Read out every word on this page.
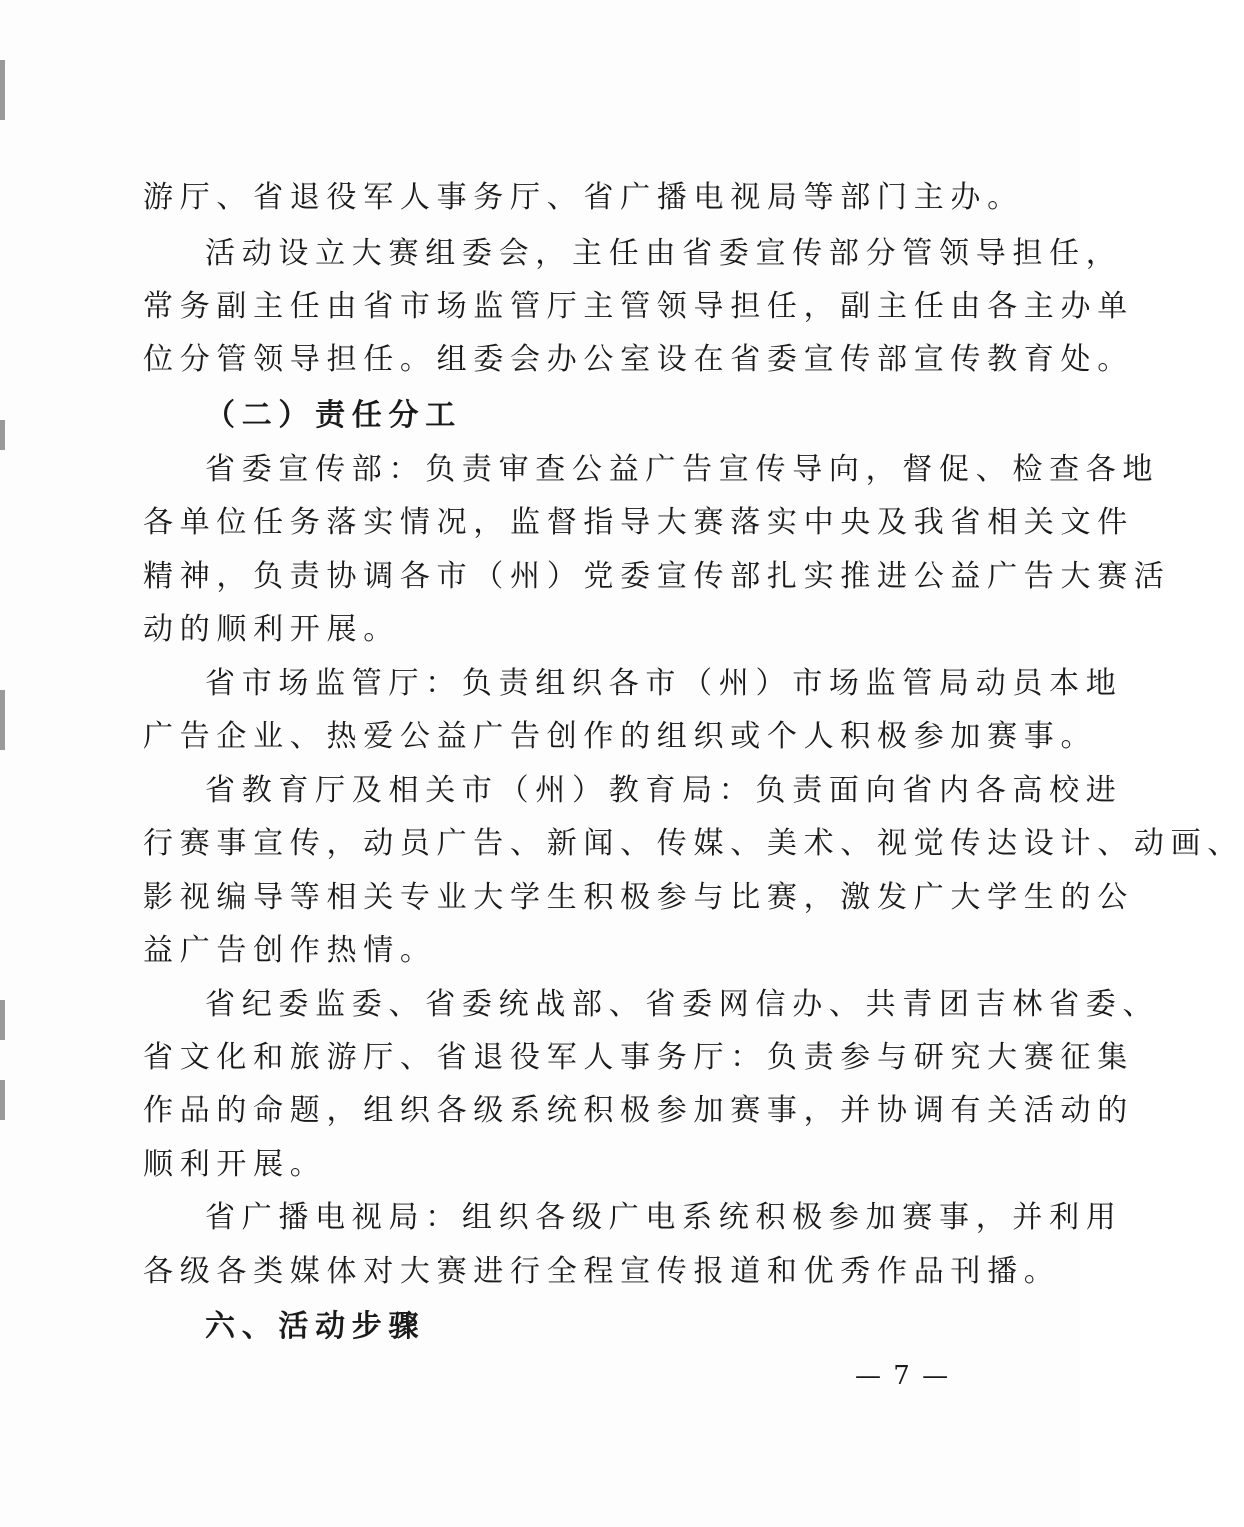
游厅、省退役军人事务厅、省广播电视局等部门主办。
活动设立大赛组委会，主任由省委宣传部分管领导担任，
常务副主任由省市场监管厅主管领导担任，副主任由各主办单
位分管领导担任。组委会办公室设在省委宣传部宣传教育处。
（二）责任分工
省委宣传部：负责审查公益广告宣传导向，督促、检查各地
各单位任务落实情况，监督指导大赛落实中央及我省相关文件
精神，负责协调各市（州）党委宣传部扎实推进公益广告大赛活
动的顺利开展。
省市场监管厅：负责组织各市（州）市场监管局动员本地
广告企业、热爱公益广告创作的组织或个人积极参加赛事。
省教育厅及相关市（州）教育局：负责面向省内各高校进
行赛事宣传，动员广告、新闻、传媒、美术、视觉传达设计、动画、
影视编导等相关专业大学生积极参与比赛，激发广大学生的公
益广告创作热情。
省纪委监委、省委统战部、省委网信办、共青团吉林省委、
省文化和旅游厅、省退役军人事务厅：负责参与研究大赛征集
作品的命题，组织各级系统积极参加赛事，并协调有关活动的
顺利开展。
省广播电视局：组织各级广电系统积极参加赛事，并利用
各级各类媒体对大赛进行全程宣传报道和优秀作品刊播。
六、活动步骤
— 7 —
